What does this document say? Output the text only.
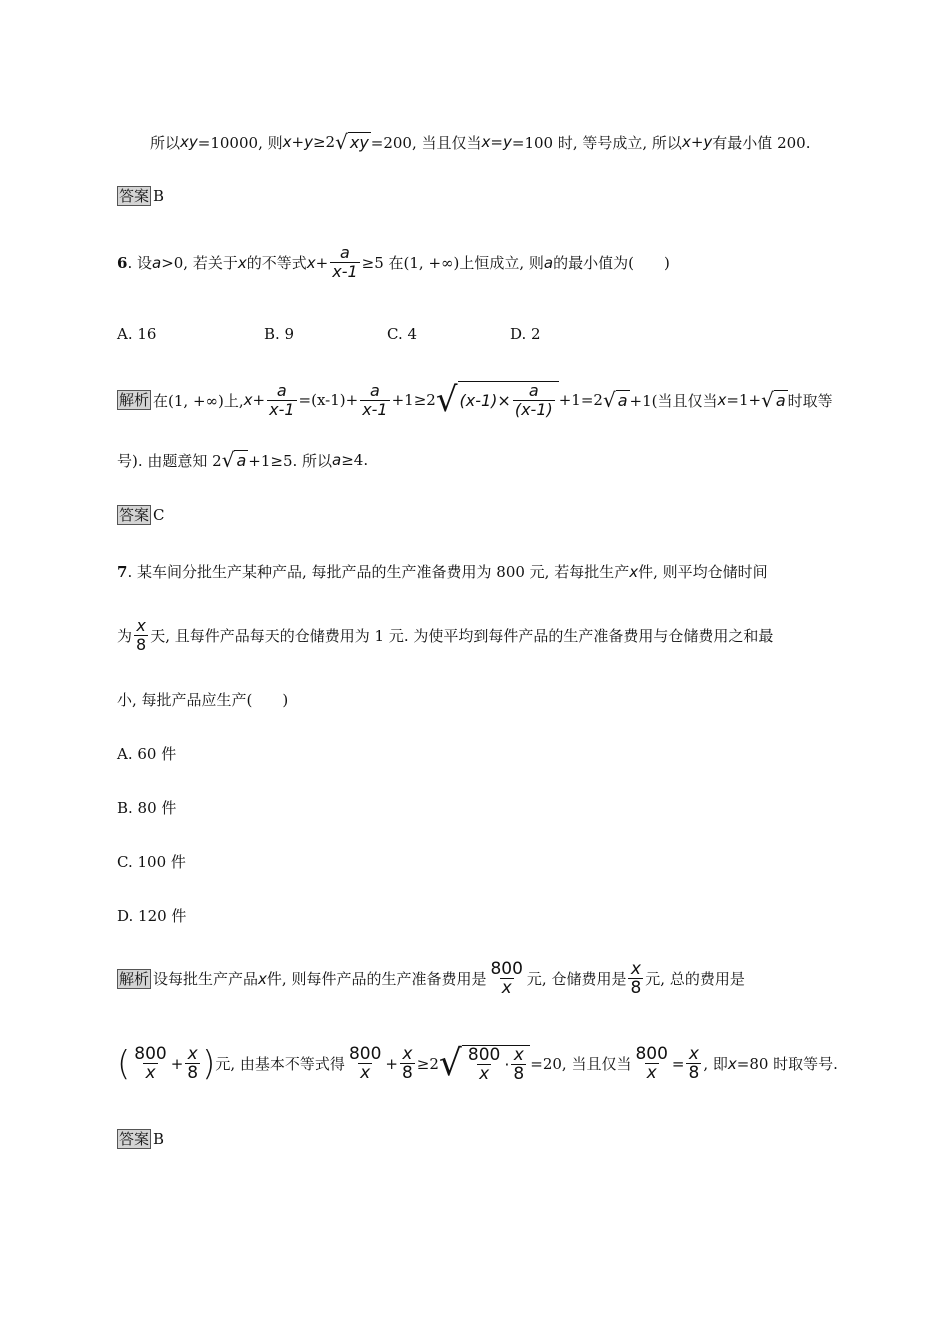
所以 xy =10000, 则 x + y ≥2 √ xy =200, 当且仅当 x = y =100 时, 等号成立, 所以 x + y 有最小值 200.
答案 B
6 . 设 a >0, 若关于 x 的不等式 $x + \frac{a}{x-1} \ge 5$ 在(1, +∞)上恒成立, 则 a 的最小值为(　　)
A. 16	B. 9	C. 4	D. 2
解析 在(1, +∞)上, $x + \frac{a}{x-1} =(x-1)+ \frac{a}{x-1} +1\ge 2$ √ $(x-1)\times \frac{a}{(x-1)} +1=2$ √ a +1(当且仅当 x =1+ √ a 时取等
号). 由题意知 2 √ a +1≥5. 所以 a ≥4.
答案 C
7 . 某车间分批生产某种产品, 每批产品的生产准备费用为 800 元, 若每批生产 x 件, 则平均仓储时间
为 $\frac{x}{8}$ 天, 且每件产品每天的仓储费用为 1 元. 为使平均到每件产品的生产准备费用与仓储费用之和最
小, 每批产品应生产(　　)
A. 60 件
B. 80 件
C. 100 件
D. 120 件
解析 设每批生产产品 x 件, 则每件产品的生产准备费用是 $\frac{800}{x}$ 元, 仓储费用是 $\frac{x}{8}$ 元, 总的费用是
( $\frac{800}{x} + \frac{x}{8}$ ) 元, 由基本不等式得 $\frac{800}{x} + \frac{x}{8} \ge 2$ √ $\frac{800}{x} \cdot \frac{x}{8} =20$, 当且仅当 $\frac{800}{x} = \frac{x}{8}$ , 即 x =80 时取等号.
答案 B
